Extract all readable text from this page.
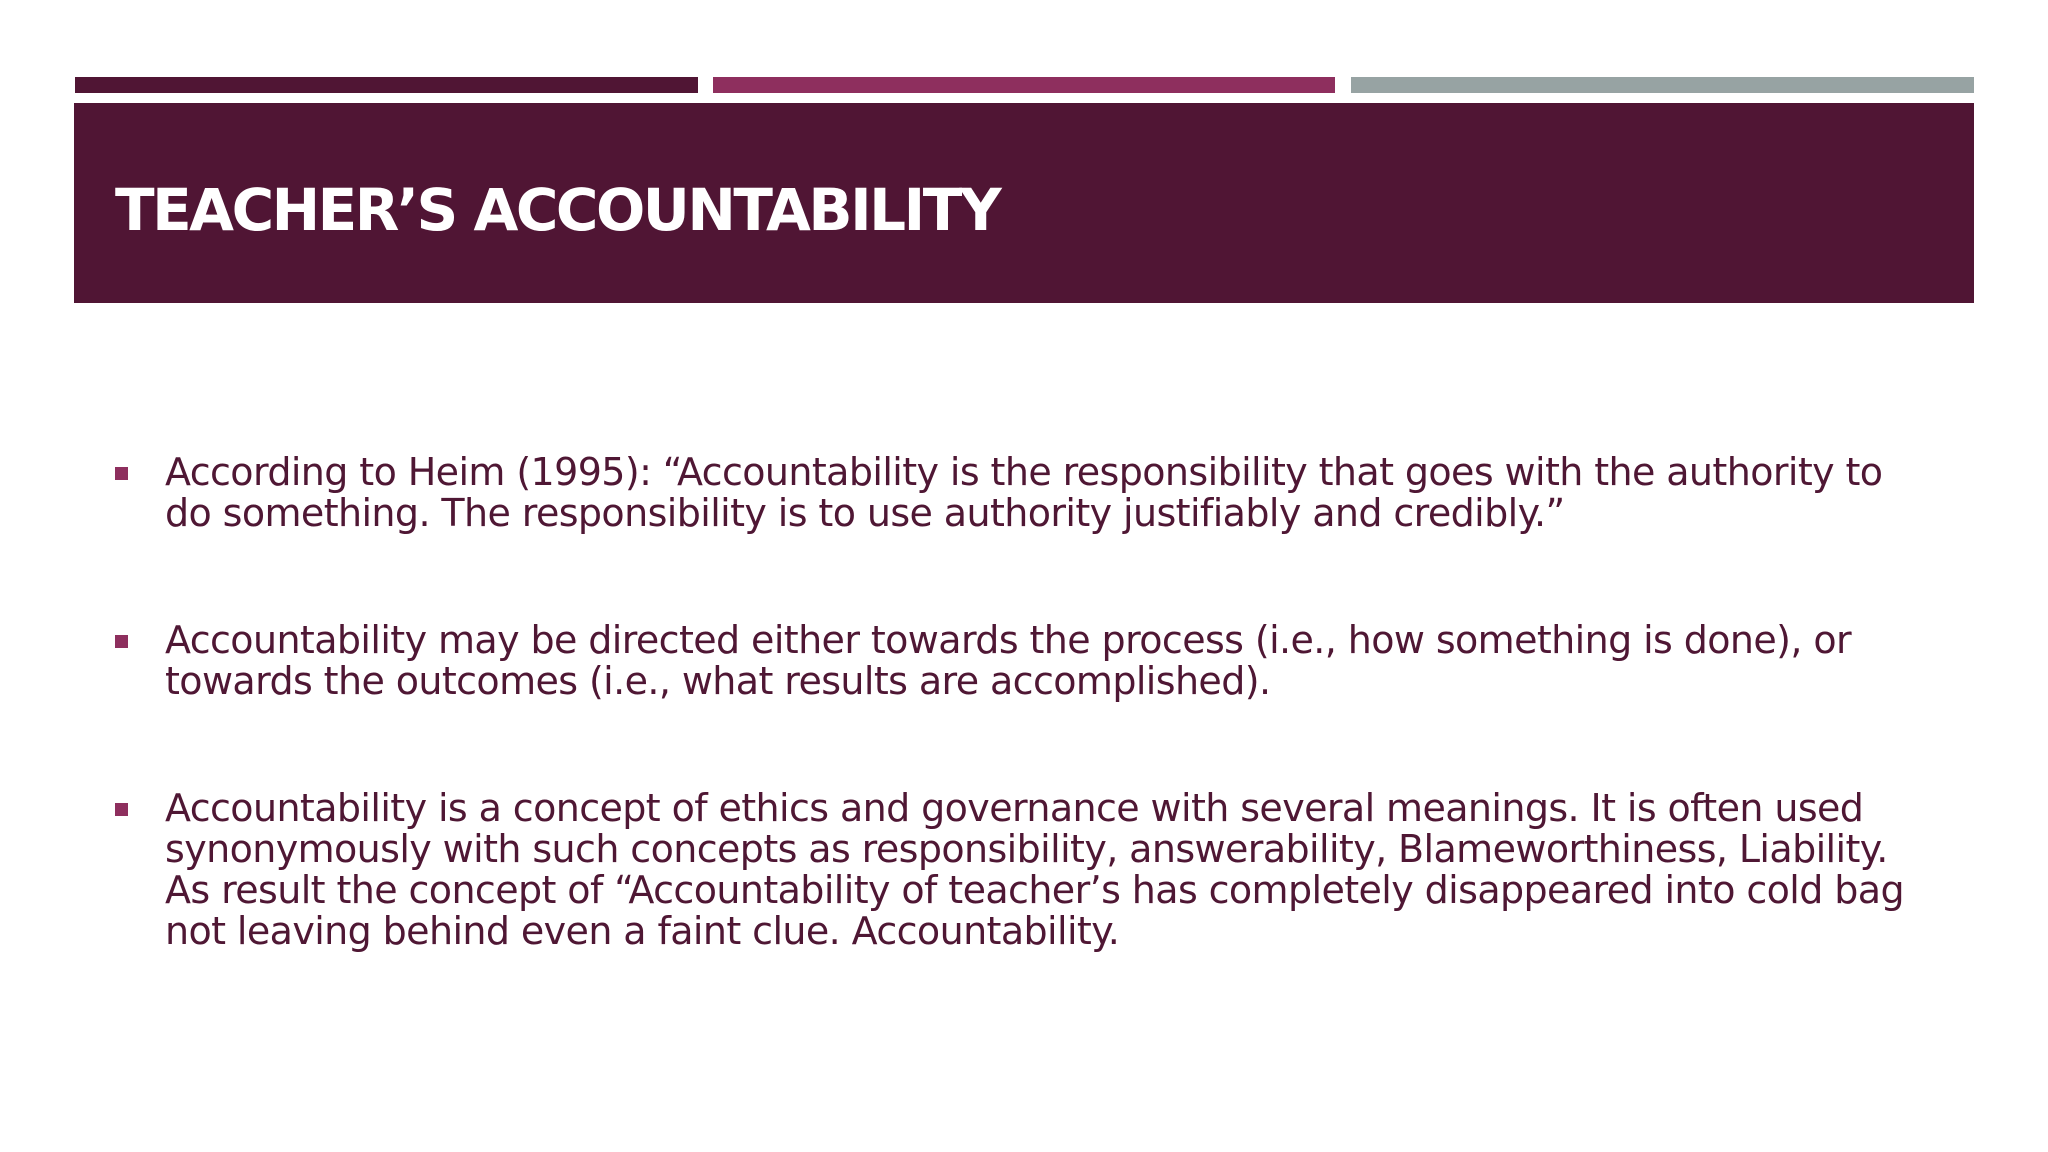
TEACHER’S ACCOUNTABILITY
According to Heim (1995): “Accountability is the responsibility that goes with the authority to
do something. The responsibility is to use authority justifiably and credibly.”
Accountability may be directed either towards the process (i.e., how something is done), or
towards the outcomes (i.e., what results are accomplished).
Accountability is a concept of ethics and governance with several meanings. It is often used
synonymously with such concepts as responsibility, answerability, Blameworthiness, Liability.
As result the concept of “Accountability of teacher’s has completely disappeared into cold bag
not leaving behind even a faint clue. Accountability.
